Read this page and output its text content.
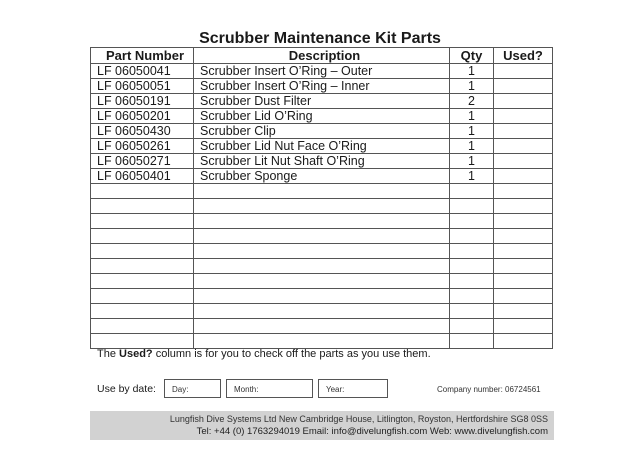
Scrubber Maintenance Kit Parts
Part Number	Description	Qty	Used?
LF 06050041	Scrubber Insert O’Ring – Outer	1	
LF 06050051	Scrubber Insert O’Ring – Inner	1	
LF 06050191	Scrubber Dust Filter	2	
LF 06050201	Scrubber Lid O’Ring	1	
LF 06050430	Scrubber Clip	1	
LF 06050261	Scrubber Lid Nut Face O’Ring	1	
LF 06050271	Scrubber Lit Nut Shaft O’Ring	1	
LF 06050401	Scrubber Sponge	1	

The Used? column is for you to check off the parts as you use them.
Use by date:	Day:	Month:	Year:	Company number: 06724561
Lungfish Dive Systems Ltd New Cambridge House, Litlington, Royston, Hertfordshire SG8 0SS
Tel: +44 (0) 1763294019 Email: info@divelungfish.com Web: www.divelungfish.com
